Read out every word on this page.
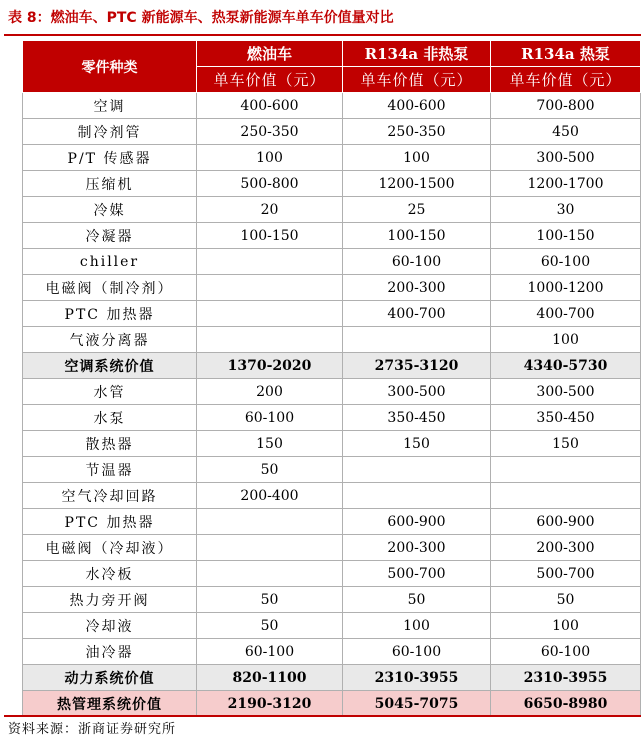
表 8：燃油车、PTC 新能源车、热泵新能源车单车价值量对比
零件种类	燃油车	R134a 非热泵	R134a 热泵
	单车价值（元）	单车价值（元）	单车价值（元）
空调	400-600	400-600	700-800
制冷剂管	250-350	250-350	450
P/T 传感器	100	100	300-500
压缩机	500-800	1200-1500	1200-1700
冷媒	20	25	30
冷凝器	100-150	100-150	100-150
chiller		60-100	60-100
电磁阀（制冷剂）		200-300	1000-1200
PTC 加热器		400-700	400-700
气液分离器			100
空调系统价值	1370-2020	2735-3120	4340-5730
水管	200	300-500	300-500
水泵	60-100	350-450	350-450
散热器	150	150	150
节温器	50		
空气冷却回路	200-400		
PTC 加热器		600-900	600-900
电磁阀（冷却液）		200-300	200-300
水冷板		500-700	500-700
热力旁开阀	50	50	50
冷却液	50	100	100
油冷器	60-100	60-100	60-100
动力系统价值	820-1100	2310-3955	2310-3955
热管理系统价值	2190-3120	5045-7075	6650-8980
资料来源：浙商证券研究所
